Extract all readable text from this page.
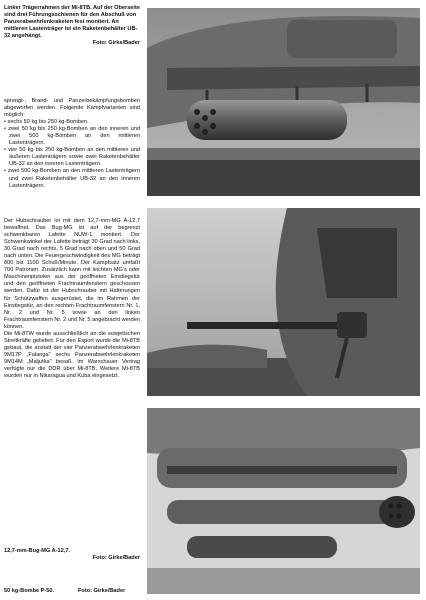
Linker Trägerrahmen der Mi-8TB. Auf der Oberseite sind drei Führungsschienen für den Abschuß von Panzerabwehrlenkraketen fest montiert. An mittleren Lastenträger ist ein Raketenbehälter UB-32 angehängt.
Foto: Girke/Bader
sprengt-, Brand- und Panzerbekämpfungsbomben abgeworfen werden. Folgende Kampfvarianten sind möglich:
• sechs 50 kg bis 250 kg-Bomben.
• zwei 50 kg bis 250 kg-Bomben an den inneren und zwei 500 kg-Bomben an den mittleren Lastenträgern.
• vier 50 kg bis 250 kg-Bomben an den mittleren und äußeren Lastenträgern sowie zwei Raketenbehälter UB-32 an den inneren Lastenträgern.
• zwei 500 kg-Bomben an den mittleren Lastenträgern und zwei Raketenbehälter UB-32 an den inneren Lastenträgern.
Der Hubschrauber ist mit dem 12,7-mm-MG A-12,7 bewaffnet. Das Bug-MG ist auf der begrenzt schwenkbaren Lafette NUW-1 montiert. Der Schwenkwinkel der Lafette beträgt 30 Grad nach links, 30 Grad nach rechts, 5 Grad nach oben und 50 Grad nach unten. Die Feuergeschwindigkeit des MG beträgt 800 bis 1100 Schuß/Minute. Der Kampfsatz umfaßt 700 Patronen. Zusätzlich kann mit leichten MG's oder Maschinenpistolen aus der geöffneten Einstiegstür und den geöffneten Frachtraumfenstern geschossen werden. Dafür ist der Hubschrauber mit Halterungen für Schützwaffen ausgerüstet, die im Rahmen der Einstiegstür, an den rechten Frachtraumfenstern Nr. 1, Nr. 2 und Nr. 5 sowie an den linken Frachtraumfenstern Nr. 2 und Nr. 5 angebracht werden können.
Die Mi-8TW wurde ausschließlich an die sowjetischen Streitkräfte geliefert. Für den Export wurde die Mi-8TB gebaut, die anstatt der vier Panzerabwehrlenkraketen 9M17P „Falanga" sechs Panzerabwehrlenkraketen 9M14M „Maljutka" besaß. Im Warschauer Vertrag verfügte nur die DDR über Mi-8TB. Weitere Mi-8TB wurden nur in Nikaragua und Kuba eingesetzt.
12,7-mm-Bug-MG A-12,7.
Foto: Girke/Bader
50 kg-Bombe P-50.	Foto: Girke/Bader
